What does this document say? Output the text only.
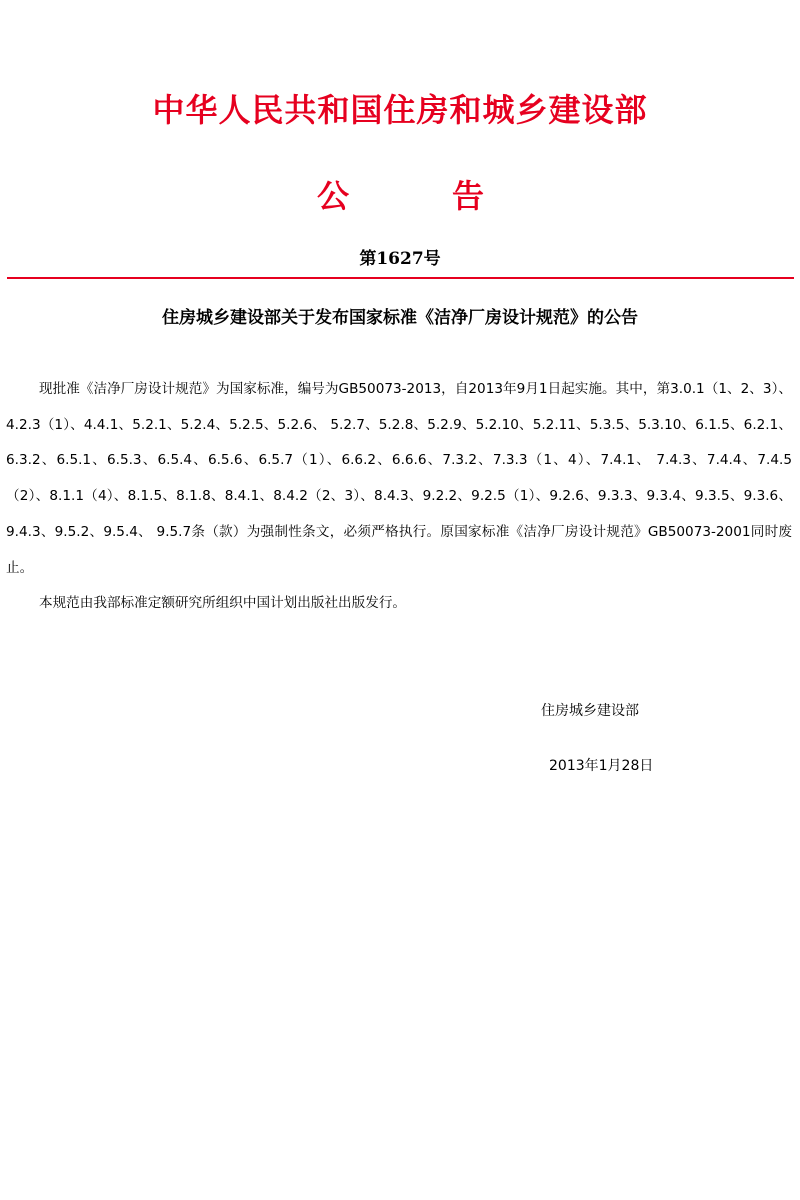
中华人民共和国住房和城乡建设部
公	告
第1627号
住房城乡建设部关于发布国家标准《洁净厂房设计规范》的公告

现批准《洁净厂房设计规范》为国家标准，编号为GB50073-2013，自2013年9月1日起实施。其中，第3.0.1（1、2、3）、4.2.3（1）、4.4.1、5.2.1、5.2.4、5.2.5、5.2.6、 5.2.7、5.2.8、5.2.9、5.2.10、5.2.11、5.3.5、5.3.10、6.1.5、6.2.1、6.3.2、6.5.1、6.5.3、6.5.4、6.5.6、6.5.7（1）、6.6.2、6.6.6、7.3.2、7.3.3（1、4）、7.4.1、 7.4.3、7.4.4、7.4.5（2）、8.1.1（4）、8.1.5、8.1.8、8.4.1、8.4.2（2、3）、8.4.3、9.2.2、9.2.5（1）、9.2.6、9.3.3、9.3.4、9.3.5、9.3.6、9.4.3、9.5.2、9.5.4、 9.5.7条（款）为强制性条文，必须严格执行。原国家标准《洁净厂房设计规范》GB50073-2001同时废止。

本规范由我部标准定额研究所组织中国计划出版社出版发行。

住房城乡建设部
2013年1月28日
